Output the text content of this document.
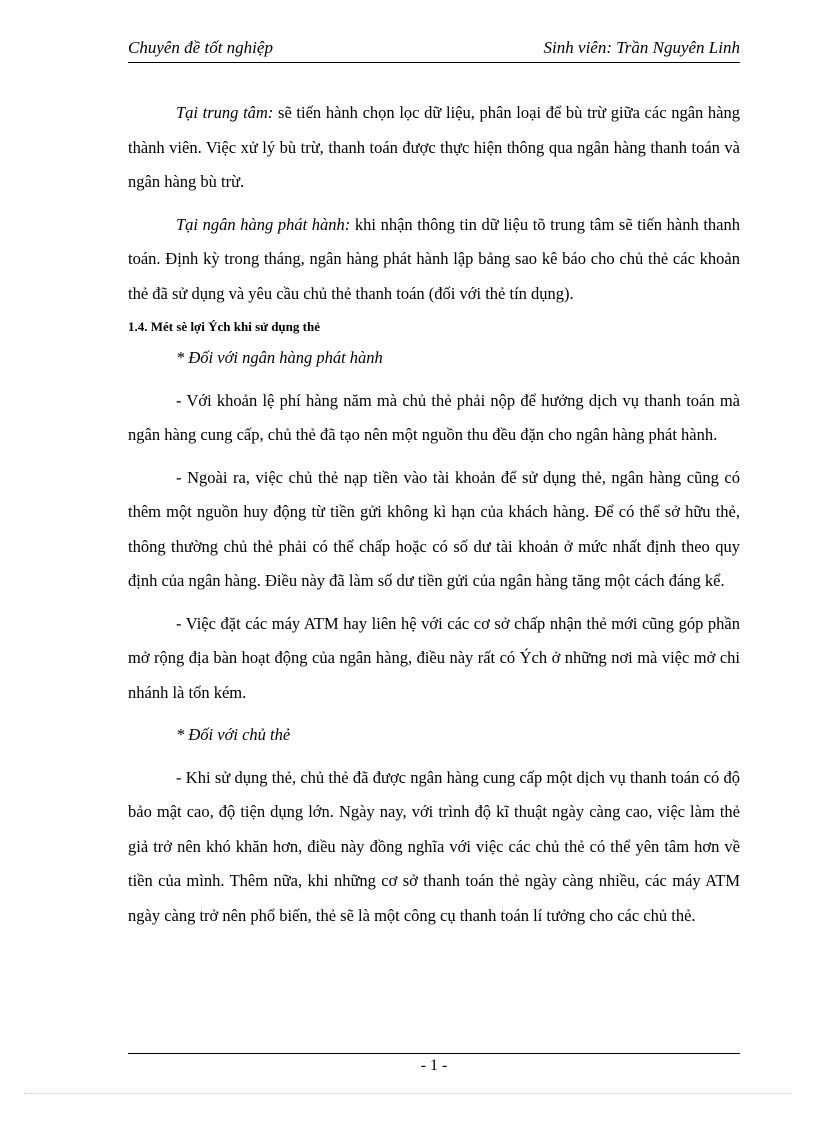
Chuyên đề tốt nghiệp	Sinh viên: Trần Nguyên Linh

Tại trung tâm: sẽ tiến hành chọn lọc dữ liệu, phân loại để bù trừ giữa các ngân hàng thành viên. Việc xử lý bù trừ, thanh toán được thực hiện thông qua ngân hàng thanh toán và ngân hàng bù trừ.

Tại ngân hàng phát hành: khi nhận thông tin dữ liệu tõ trung tâm sẽ tiến hành thanh toán. Định kỳ trong tháng, ngân hàng phát hành lập bảng sao kê báo cho chủ thẻ các khoản thẻ đã sử dụng và yêu cầu chủ thẻ thanh toán (đối với thẻ tín dụng).

1.4. Mét sè lợi Ých khi sử dụng thẻ

* Đối với ngân hàng phát hành

- Với khoản lệ phí hàng năm mà chủ thẻ phải nộp để hưởng dịch vụ thanh toán mà ngân hàng cung cấp, chủ thẻ đã tạo nên một nguồn thu đều đặn cho ngân hàng phát hành.

- Ngoài ra, việc chủ thẻ nạp tiền vào tài khoản để sử dụng thẻ, ngân hàng cũng có thêm một nguồn huy động từ tiền gửi không kì hạn của khách hàng. Để có thể sở hữu thẻ, thông thường chủ thẻ phải có thế chấp hoặc có số dư tài khoản ở mức nhất định theo quy định của ngân hàng. Điều này đã làm số dư tiền gửi của ngân hàng tăng một cách đáng kể.

- Việc đặt các máy ATM hay liên hệ với các cơ sở chấp nhận thẻ mới cũng góp phần mở rộng địa bàn hoạt động của ngân hàng, điều này rất có Ých ở những nơi mà việc mở chi nhánh là tốn kém.

* Đối với chủ thẻ

- Khi sử dụng thẻ, chủ thẻ đã được ngân hàng cung cấp một dịch vụ thanh toán có độ bảo mật cao, độ tiện dụng lớn. Ngày nay, với trình độ kĩ thuật ngày càng cao, việc làm thẻ giả trở nên khó khăn hơn, điều này đồng nghĩa với việc các chủ thẻ có thể yên tâm hơn về tiền của mình. Thêm nữa, khi những cơ sở thanh toán thẻ ngày càng nhiều, các máy ATM ngày càng trở nên phổ biến, thẻ sẽ là một công cụ thanh toán lí tưởng cho các chủ thẻ.

- 1 -
